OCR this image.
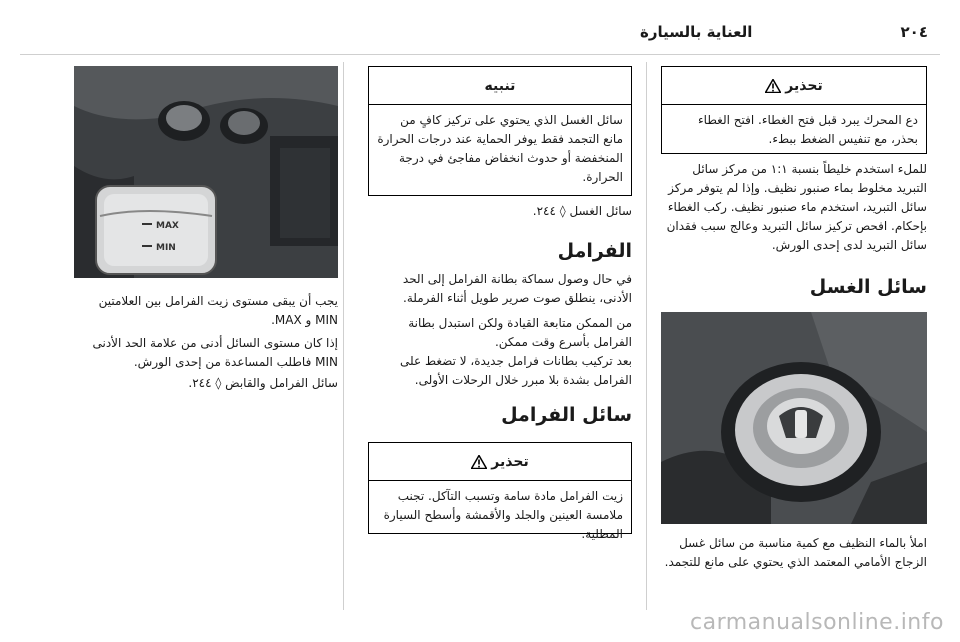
٢٠٤
العناية بالسيارة
تحذير
دع المحرك يبرد قبل فتح الغطاء. افتح الغطاء بحذر، مع تنفيس الضغط ببطء.
للملء استخدم خليطاً بنسبة ١:١ من مركز سائل التبريد مخلوط بماء صنبور نظيف. وإذا لم يتوفر مركز سائل التبريد، استخدم ماء صنبور نظيف. ركب الغطاء بإحكام. افحص تركيز سائل التبريد وعالج سبب فقدان سائل التبريد لدى إحدى الورش.
سائل الغسل
املأ بالماء النظيف مع كمية مناسبة من سائل غسل الزجاج الأمامي المعتمد الذي يحتوي على مانع للتجمد.
تنبيه
سائل الغسل الذي يحتوي على تركيز كافٍ من مانع التجمد فقط يوفر الحماية عند درجات الحرارة المنخفضة أو حدوث انخفاض مفاجئ في درجة الحرارة.
سائل الغسل ◊ ٢٤٤.
الفرامل
في حال وصول سماكة بطانة الفرامل إلى الحد الأدنى، ينطلق صوت صرير طويل أثناء الفرملة.
من الممكن متابعة القيادة ولكن استبدل بطانة الفرامل بأسرع وقت ممكن.
بعد تركيب بطانات فرامل جديدة، لا تضغط على الفرامل بشدة بلا مبرر خلال الرحلات الأولى.
سائل الفرامل
تحذير
زيت الفرامل مادة سامة وتسبب التآكل. تجنب ملامسة العينين والجلد والأقمشة وأسطح السيارة المطلية.
MAX
MIN
يجب أن يبقى مستوى زيت الفرامل بين العلامتين MIN و MAX.
إذا كان مستوى السائل أدنى من علامة الحد الأدنى MIN فاطلب المساعدة من إحدى الورش.
سائل الفرامل والقابض ◊ ٢٤٤.
carmanualsonline.info
